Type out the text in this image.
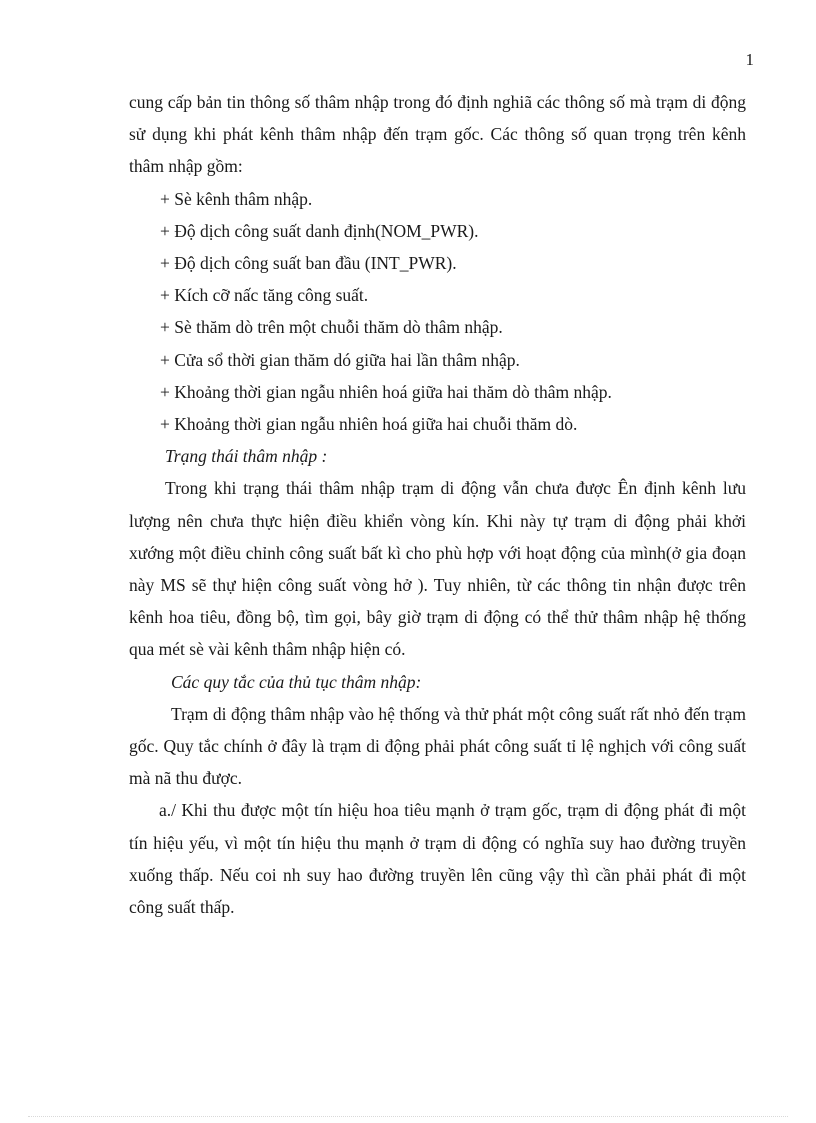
1

cung cấp bản tin thông số thâm nhập trong đó định nghiã các thông số mà trạm di động sử dụng khi phát kênh thâm nhập đến trạm gốc. Các thông số quan trọng trên kênh thâm nhập gồm:

+ Sè kênh thâm nhập.

+ Độ dịch công suất danh định(NOM_PWR).

+ Độ dịch công suất ban đầu (INT_PWR).

+ Kích cỡ nấc tăng công suất.

+ Sè thăm dò trên một chuỗi thăm dò thâm nhập.

+ Cửa sổ thời gian thăm dó giữa hai lần thâm nhập.

+ Khoảng thời gian ngẫu nhiên hoá giữa hai thăm dò thâm nhập.

+ Khoảng thời gian ngẫu nhiên hoá giữa hai chuỗi thăm dò.

Trạng thái thâm nhập :

Trong khi trạng thái thâm nhập trạm di động vẫn chưa được Ên định kênh lưu lượng nên chưa thực hiện điều khiển vòng kín. Khi này tự trạm di động phải khởi xướng một điều chỉnh công suất bất kì cho phù hợp với hoạt động của mình(ở gia đoạn này MS sẽ thự hiện công suất vòng hở ). Tuy nhiên, từ các thông tin nhận được trên kênh hoa tiêu, đồng bộ, tìm gọi, bây giờ trạm di động có thể thử thâm nhập hệ thống qua mét sè vài kênh thâm nhập hiện có.

Các quy tắc của thủ tục thâm nhập:

Trạm di động thâm nhập vào hệ thống và thử phát một công suất rất nhỏ đến trạm gốc. Quy tắc chính ở đây là trạm di động phải phát công suất tỉ lệ nghịch với công suất mà nã thu được.

a./ Khi thu được một tín hiệu hoa tiêu mạnh ở trạm gốc, trạm di động phát đi một tín hiệu yếu, vì một tín hiệu thu mạnh ở trạm di động có nghĩa suy hao đường truyền xuống thấp. Nếu coi nh suy hao đường truyền lên cũng vậy thì cần phải phát đi một công suất thấp.
